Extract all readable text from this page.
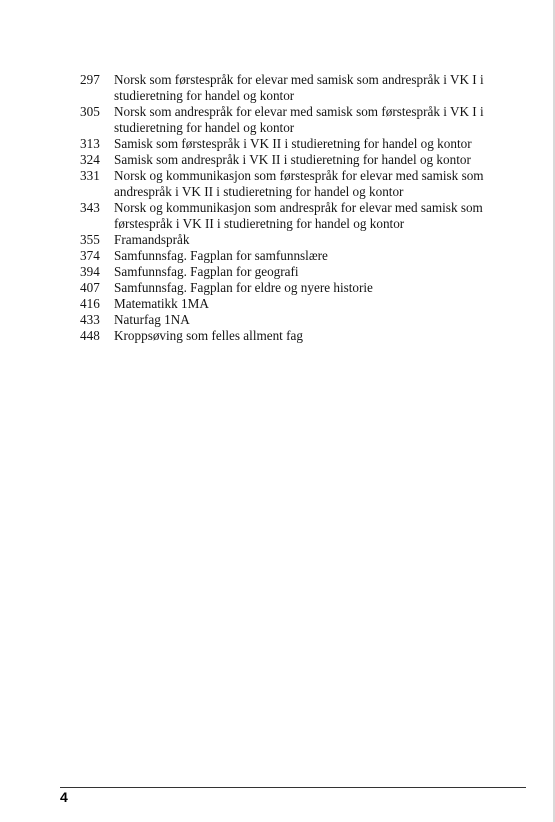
297	Norsk som førstespråk for elevar med samisk som andrespråk i VK I i studieretning for handel og kontor
305	Norsk som andrespråk for elevar med samisk som førstespråk i VK I i studieretning for handel og kontor
313	Samisk som førstespråk i VK II i studieretning for handel og kontor
324	Samisk som andrespråk i VK II i studieretning for handel og kontor
331	Norsk og kommunikasjon som førstespråk for elevar med samisk som andrespråk i VK II i studieretning for handel og kontor
343	Norsk og kommunikasjon som andrespråk for elevar med samisk som førstespråk i VK II i studieretning for handel og kontor
355	Framandspråk
374	Samfunnsfag. Fagplan for samfunnslære
394	Samfunnsfag. Fagplan for geografi
407	Samfunnsfag. Fagplan for eldre og nyere historie
416	Matematikk 1MA
433	Naturfag 1NA
448	Kroppsøving som felles allment fag
4
